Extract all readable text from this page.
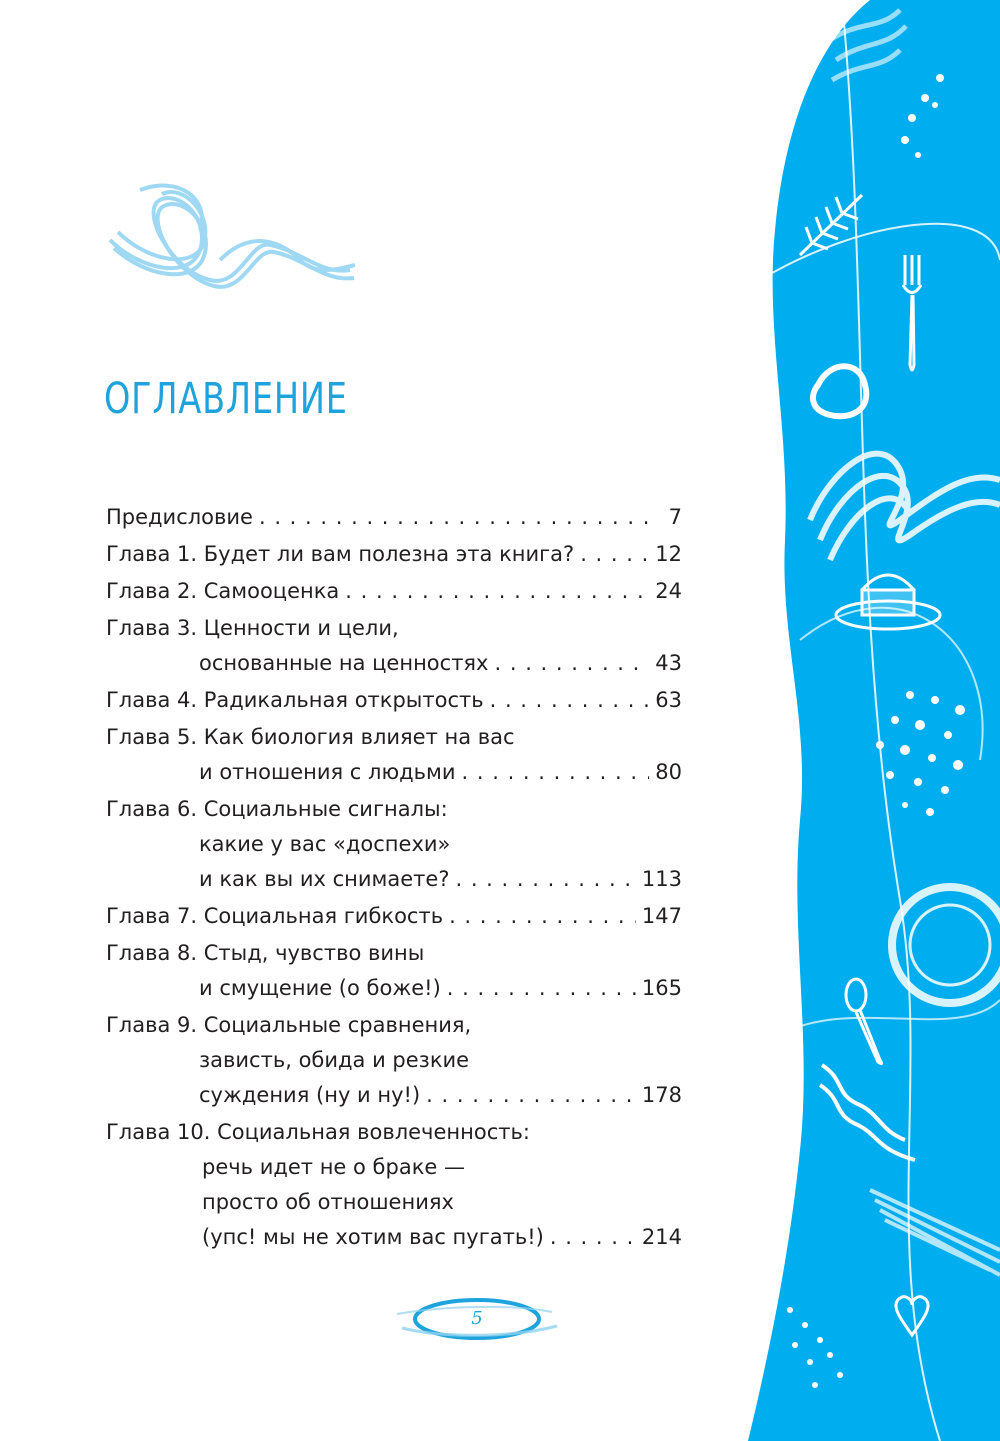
ОГЛАВЛЕНИЕ
Предисловие . . .	7
Глава 1. Будет ли вам полезна эта книга? . . .	12
Глава 2. Самооценка . . .	24
Глава 3. Ценности и цели,
основанные на ценностях . . .	43
Глава 4. Радикальная открытость . . .	63
Глава 5. Как биология влияет на вас
и отношения с людьми . . .	80
Глава 6. Социальные сигналы:
какие у вас «доспехи»
и как вы их снимаете? . . .	113
Глава 7. Социальная гибкость . . .	147
Глава 8. Стыд, чувство вины
и смущение (о боже!) . . .	165
Глава 9. Социальные сравнения,
зависть, обида и резкие
суждения (ну и ну!) . . .	178
Глава 10. Социальная вовлеченность:
речь идет не о браке —
просто об отношениях
(упс! мы не хотим вас пугать!) . . .	214
5
